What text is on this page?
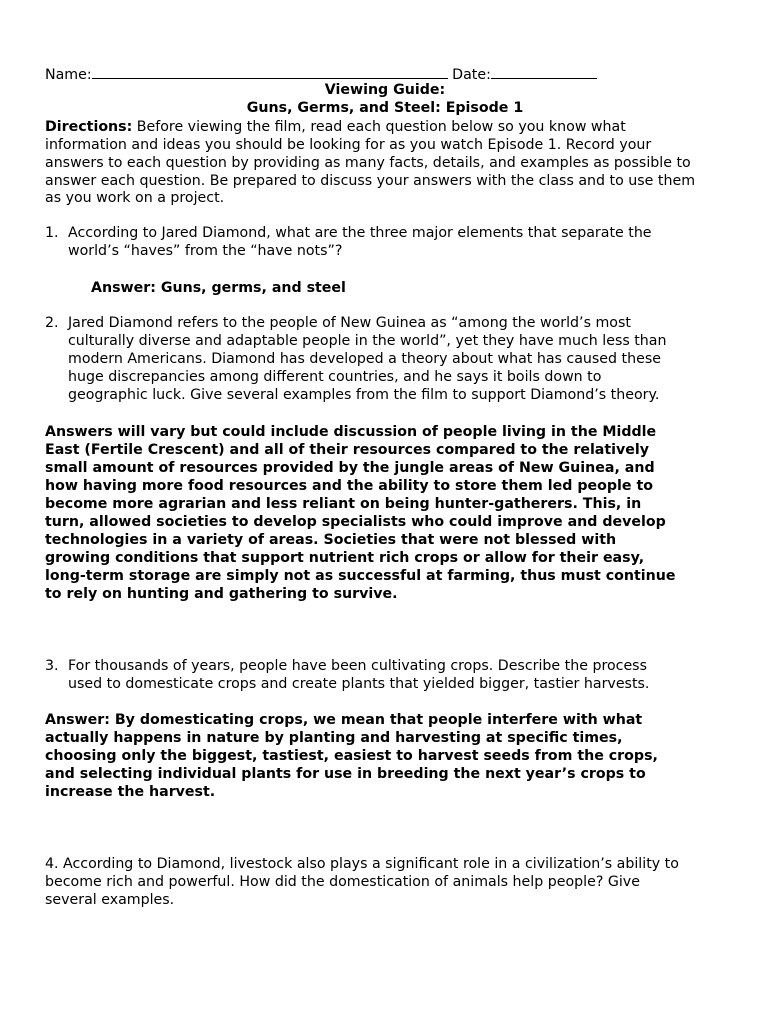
Name:	Date:
Viewing Guide:
Guns, Germs, and Steel: Episode 1
Directions: Before viewing the film, read each question below so you know what
information and ideas you should be looking for as you watch Episode 1. Record your
answers to each question by providing as many facts, details, and examples as possible to
answer each question. Be prepared to discuss your answers with the class and to use them
as you work on a project.
1. According to Jared Diamond, what are the three major elements that separate the
world’s “haves” from the “have nots”?
Answer: Guns, germs, and steel
2. Jared Diamond refers to the people of New Guinea as “among the world’s most
culturally diverse and adaptable people in the world”, yet they have much less than
modern Americans. Diamond has developed a theory about what has caused these
huge discrepancies among different countries, and he says it boils down to
geographic luck. Give several examples from the film to support Diamond’s theory.
Answers will vary but could include discussion of people living in the Middle
East (Fertile Crescent) and all of their resources compared to the relatively
small amount of resources provided by the jungle areas of New Guinea, and
how having more food resources and the ability to store them led people to
become more agrarian and less reliant on being hunter-gatherers. This, in
turn, allowed societies to develop specialists who could improve and develop
technologies in a variety of areas. Societies that were not blessed with
growing conditions that support nutrient rich crops or allow for their easy,
long-term storage are simply not as successful at farming, thus must continue
to rely on hunting and gathering to survive.
3. For thousands of years, people have been cultivating crops. Describe the process
used to domesticate crops and create plants that yielded bigger, tastier harvests.
Answer: By domesticating crops, we mean that people interfere with what
actually happens in nature by planting and harvesting at specific times,
choosing only the biggest, tastiest, easiest to harvest seeds from the crops,
and selecting individual plants for use in breeding the next year’s crops to
increase the harvest.
4. According to Diamond, livestock also plays a significant role in a civilization’s ability to
become rich and powerful. How did the domestication of animals help people? Give
several examples.
